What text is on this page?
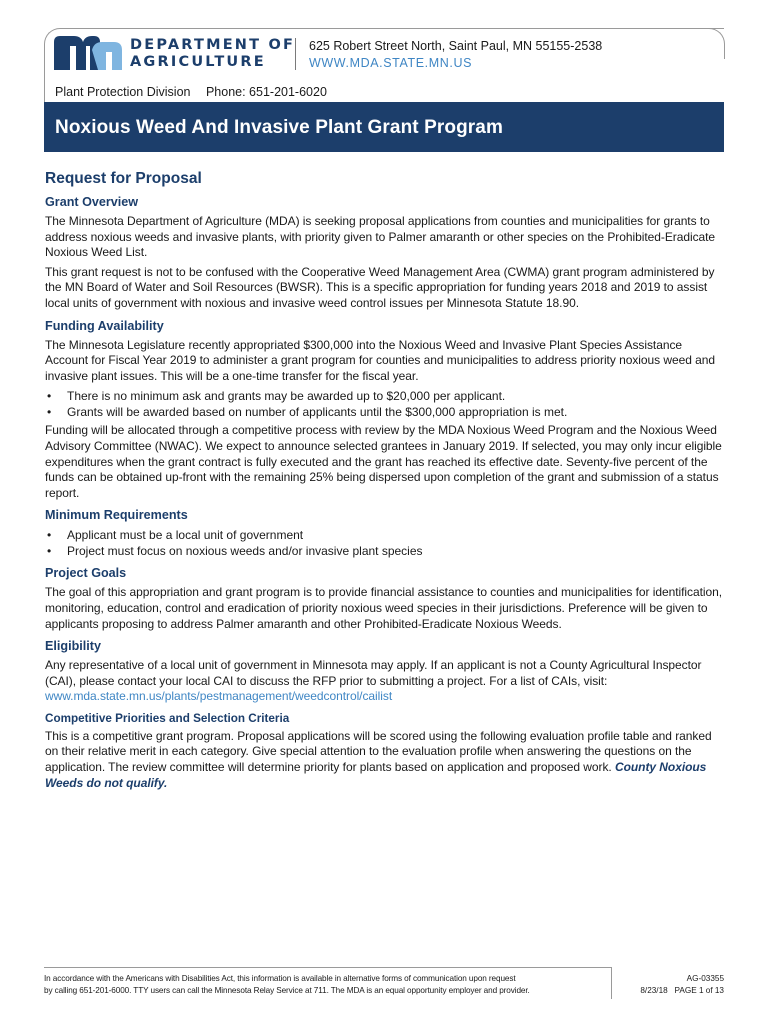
DEPARTMENT OF
AGRICULTURE
625 Robert Street North, Saint Paul, MN 55155-2538
WWW.MDA.STATE.MN.US
Plant Protection Division Phone: 651-201-6020
Noxious Weed And Invasive Plant Grant Program
Request for Proposal
Grant Overview

The Minnesota Department of Agriculture (MDA) is seeking proposal applications from counties and municipalities for grants to address noxious weeds and invasive plants, with priority given to Palmer amaranth or other species on the Prohibited-Eradicate Noxious Weed List.

This grant request is not to be confused with the Cooperative Weed Management Area (CWMA) grant program administered by the MN Board of Water and Soil Resources (BWSR). This is a specific appropriation for funding years 2018 and 2019 to assist local units of government with noxious and invasive weed control issues per Minnesota Statute 18.90.

Funding Availability

The Minnesota Legislature recently appropriated $300,000 into the Noxious Weed and Invasive Plant Species Assistance Account for Fiscal Year 2019 to administer a grant program for counties and municipalities to address priority noxious weed and invasive plant issues. This will be a one-time transfer for the fiscal year.

• There is no minimum ask and grants may be awarded up to $20,000 per applicant.
• Grants will be awarded based on number of applicants until the $300,000 appropriation is met.

Funding will be allocated through a competitive process with review by the MDA Noxious Weed Program and the Noxious Weed Advisory Committee (NWAC). We expect to announce selected grantees in January 2019. If selected, you may only incur eligible expenditures when the grant contract is fully executed and the grant has reached its effective date. Seventy-five percent of the funds can be obtained up-front with the remaining 25% being dispersed upon completion of the grant and submission of a status report.

Minimum Requirements
• Applicant must be a local unit of government
• Project must focus on noxious weeds and/or invasive plant species
Project Goals

The goal of this appropriation and grant program is to provide financial assistance to counties and municipalities for identification, monitoring, education, control and eradication of priority noxious weed species in their jurisdictions. Preference will be given to applicants proposing to address Palmer amaranth and other Prohibited-Eradicate Noxious Weeds.

Eligibility

Any representative of a local unit of government in Minnesota may apply. If an applicant is not a County Agricultural Inspector (CAI), please contact your local CAI to discuss the RFP prior to submitting a project. For a list of CAIs, visit: www.mda.state.mn.us/plants/pestmanagement/weedcontrol/cailist

Competitive Priorities and Selection Criteria

This is a competitive grant program. Proposal applications will be scored using the following evaluation profile table and ranked on their relative merit in each category. Give special attention to the evaluation profile when answering the questions on the application. The review committee will determine priority for plants based on application and proposed work. County Noxious Weeds do not qualify.

In accordance with the Americans with Disabilities Act, this information is available in alternative forms of communication upon request
by calling 651-201-6000. TTY users can call the Minnesota Relay Service at 711. The MDA is an equal opportunity employer and provider.
AG-03355
8/23/18 PAGE 1 of 13
